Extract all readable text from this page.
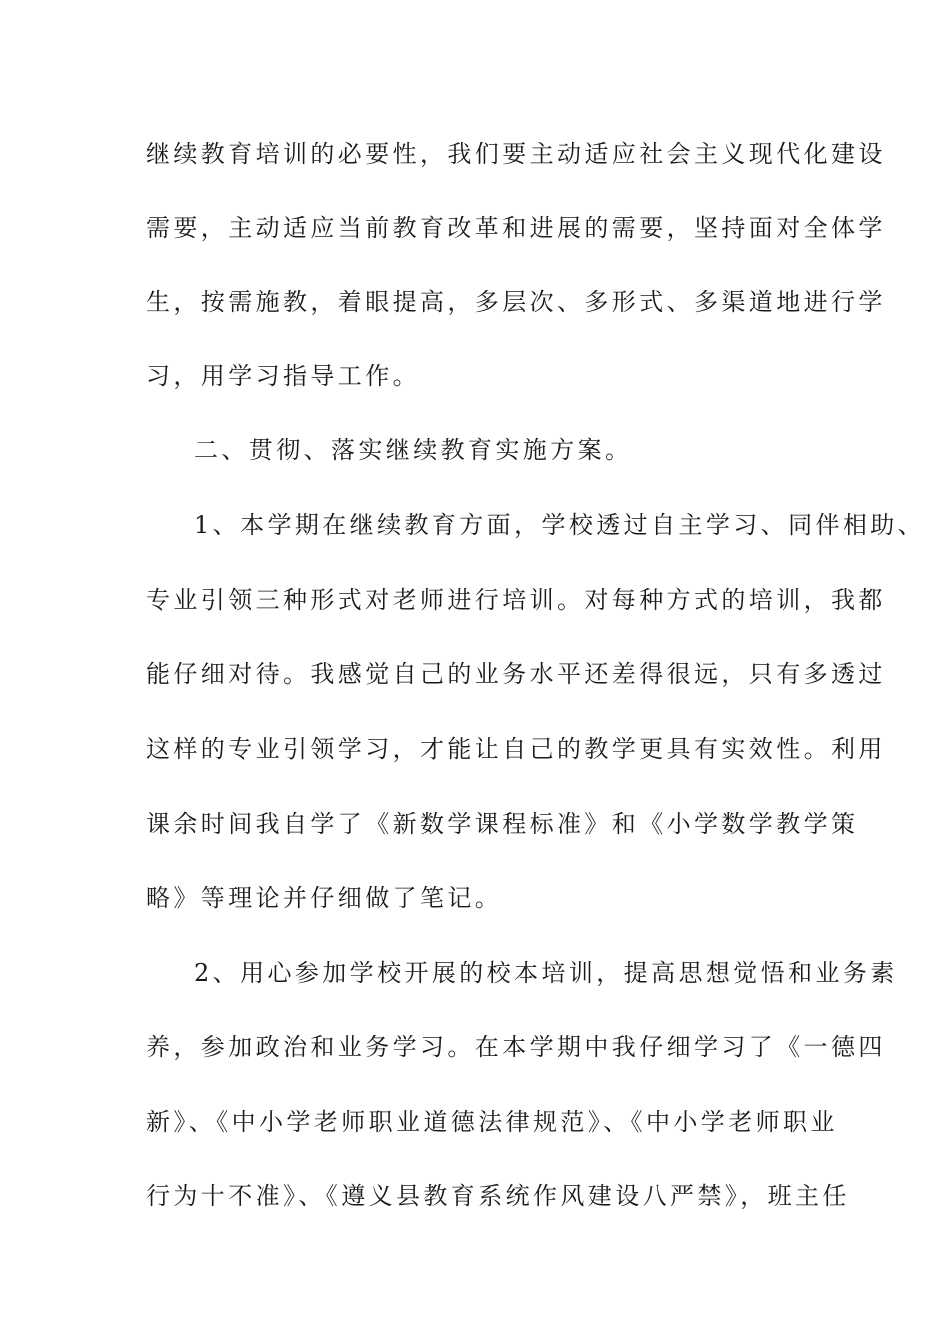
继续教育培训的必要性，我们要主动适应社会主义现代化建设
需要，主动适应当前教育改革和进展的需要，坚持面对全体学
生，按需施教，着眼提高，多层次、多形式、多渠道地进行学
习，用学习指导工作。
二、贯彻、落实继续教育实施方案。
1、本学期在继续教育方面，学校透过自主学习、同伴相助、
专业引领三种形式对老师进行培训。对每种方式的培训，我都
能仔细对待。我感觉自己的业务水平还差得很远，只有多透过
这样的专业引领学习，才能让自己的教学更具有实效性。利用
课余时间我自学了《新数学课程标准》和《小学数学教学策
略》等理论并仔细做了笔记。
2、用心参加学校开展的校本培训，提高思想觉悟和业务素
养，参加政治和业务学习。在本学期中我仔细学习了《一德四
新》、《中小学老师职业道德法律规范》、《中小学老师职业
行为十不准》、《遵义县教育系统作风建设八严禁》，班主任
